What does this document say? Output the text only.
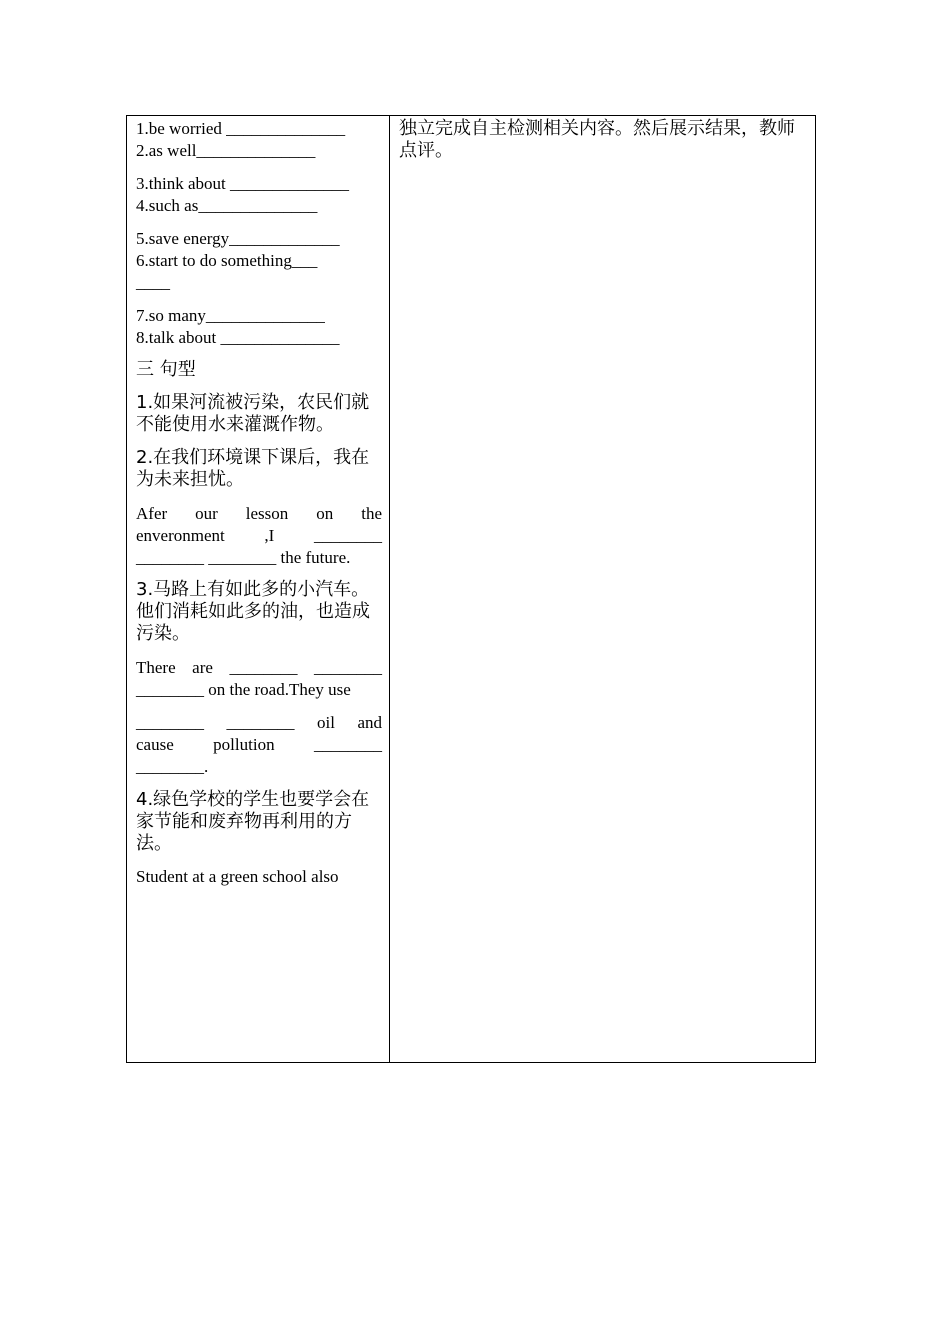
1.be worried ______________
2.as well______________
3.think about ______________
4.such as______________
5.save energy_____________
6.start to do something___
____
7.so many______________
8.talk about ______________
三 句型
1.如果河流被污染，农民们就不能使用水来灌溉作物。
2.在我们环境课下课后，我在为未来担忧。
Afer our lesson on the
enveronment ,I ________
________ ________ the future.
3.马路上有如此多的小汽车。他们消耗如此多的油，也造成污染。
There are ________ ________
________ on the road.They use
________ ________ oil and
cause pollution ________
________.
4.绿色学校的学生也要学会在家节能和废弃物再利用的方法。
Student at a green school also
独立完成自主检测相关内容。然后展示结果，教师点评。
